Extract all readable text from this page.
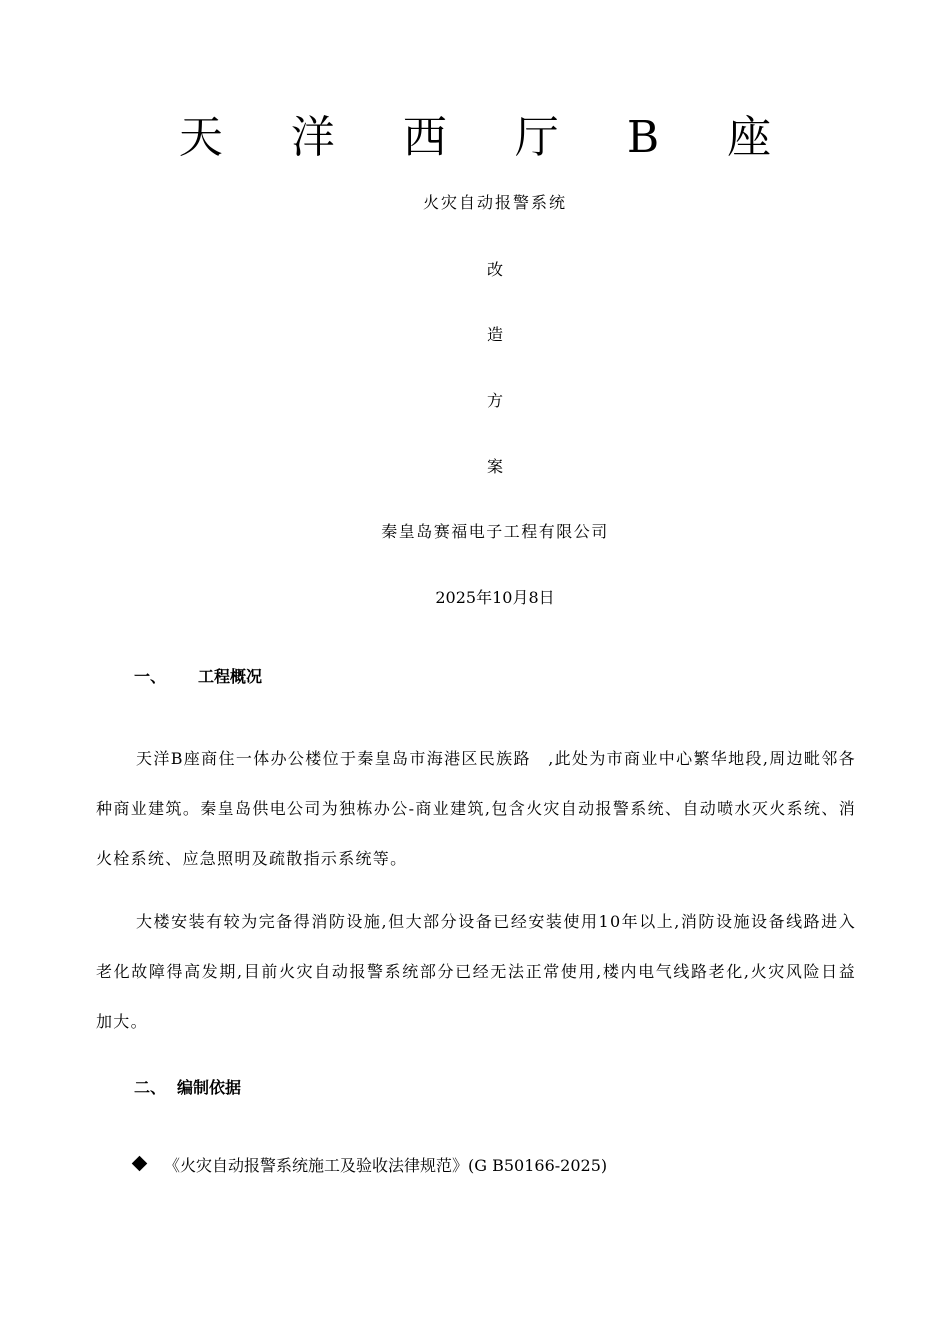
天 洋 西 厅 B 座
火灾自动报警系统
改
造
方
案
秦皇岛赛福电子工程有限公司
2025年10月8日
一、 工程概况

天洋B座商住一体办公楼位于秦皇岛市海港区民族路　,此处为市商业中心繁华地段,周边毗邻各种商业建筑。秦皇岛供电公司为独栋办公-商业建筑,包含火灾自动报警系统、自动喷水灭火系统、消火栓系统、应急照明及疏散指示系统等。

大楼安装有较为完备得消防设施,但大部分设备已经安装使用10年以上,消防设施设备线路进入老化故障得高发期,目前火灾自动报警系统部分已经无法正常使用,楼内电气线路老化,火灾风险日益加大。

二、 编制依据
《火灾自动报警系统施工及验收法律规范》(G B50166-2025)
